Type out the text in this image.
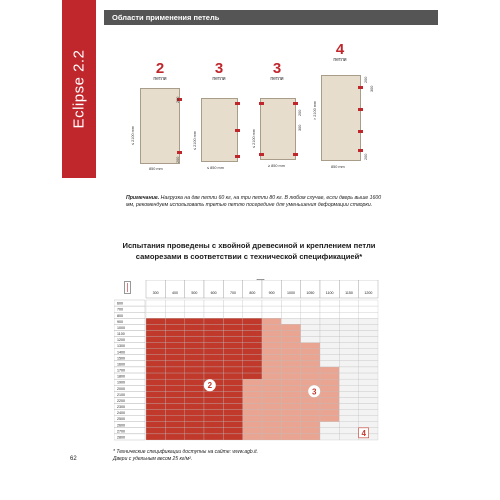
Eclipse 2.2
Области применения петель
2
петли
≤ 2100 mm
200
200
850 mm
3
петли
≤ 2100 mm
≤ 850 mm
3
петли
≤ 2100 mm
200
300
≥ 850 mm
4
петли
> 2100 mm
200
300
200
850 mm
Примечание. Нагрузка на две петли 60 кг, на три петли 80 кг. В любом случае, если дверь выше 1600 мм, рекомендуем использовать третью петлю посередине для уменьшения деформации створки.
Испытания проведены с хвойной древесиной и креплением петли саморезами в соответствии с технической спецификацией*
300	400	500	600	700	800	900	1000	1050	1100	1150	1200
600
700
800
900
1000
1100
1200
1300
1400
1500
1600
1700
1800
1900
2000
2100
2200
2300
2400
2500
2600
2700
2800
2
3
4
* Технические спецификации доступны на сайте: www.agb.it.
Двери с удельным весом 25 кг/м².
62
